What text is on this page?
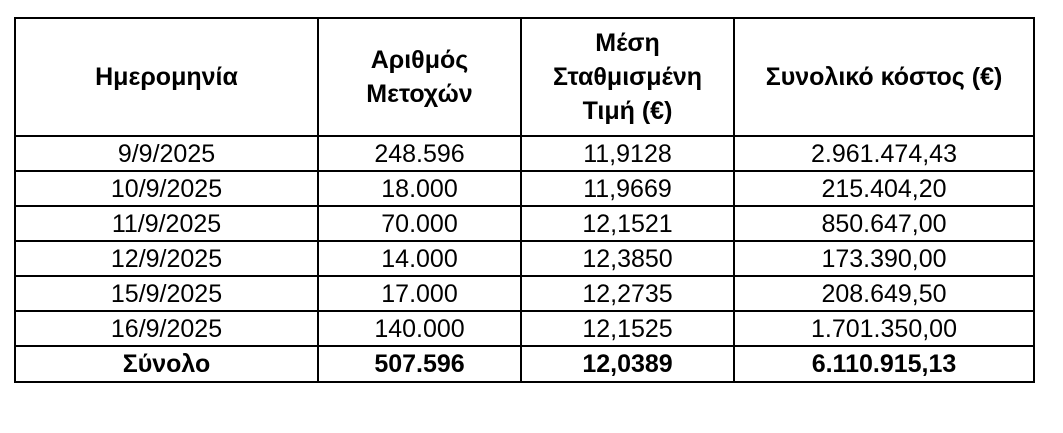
Ημερομηνία	Αριθμός Μετοχών	Μέση Σταθμισμένη Τιμή (€)	Συνολικό κόστος (€)
9/9/2025	248.596	11,9128	2.961.474,43
10/9/2025	18.000	11,9669	215.404,20
11/9/2025	70.000	12,1521	850.647,00
12/9/2025	14.000	12,3850	173.390,00
15/9/2025	17.000	12,2735	208.649,50
16/9/2025	140.000	12,1525	1.701.350,00
Σύνολο	507.596	12,0389	6.110.915,13
